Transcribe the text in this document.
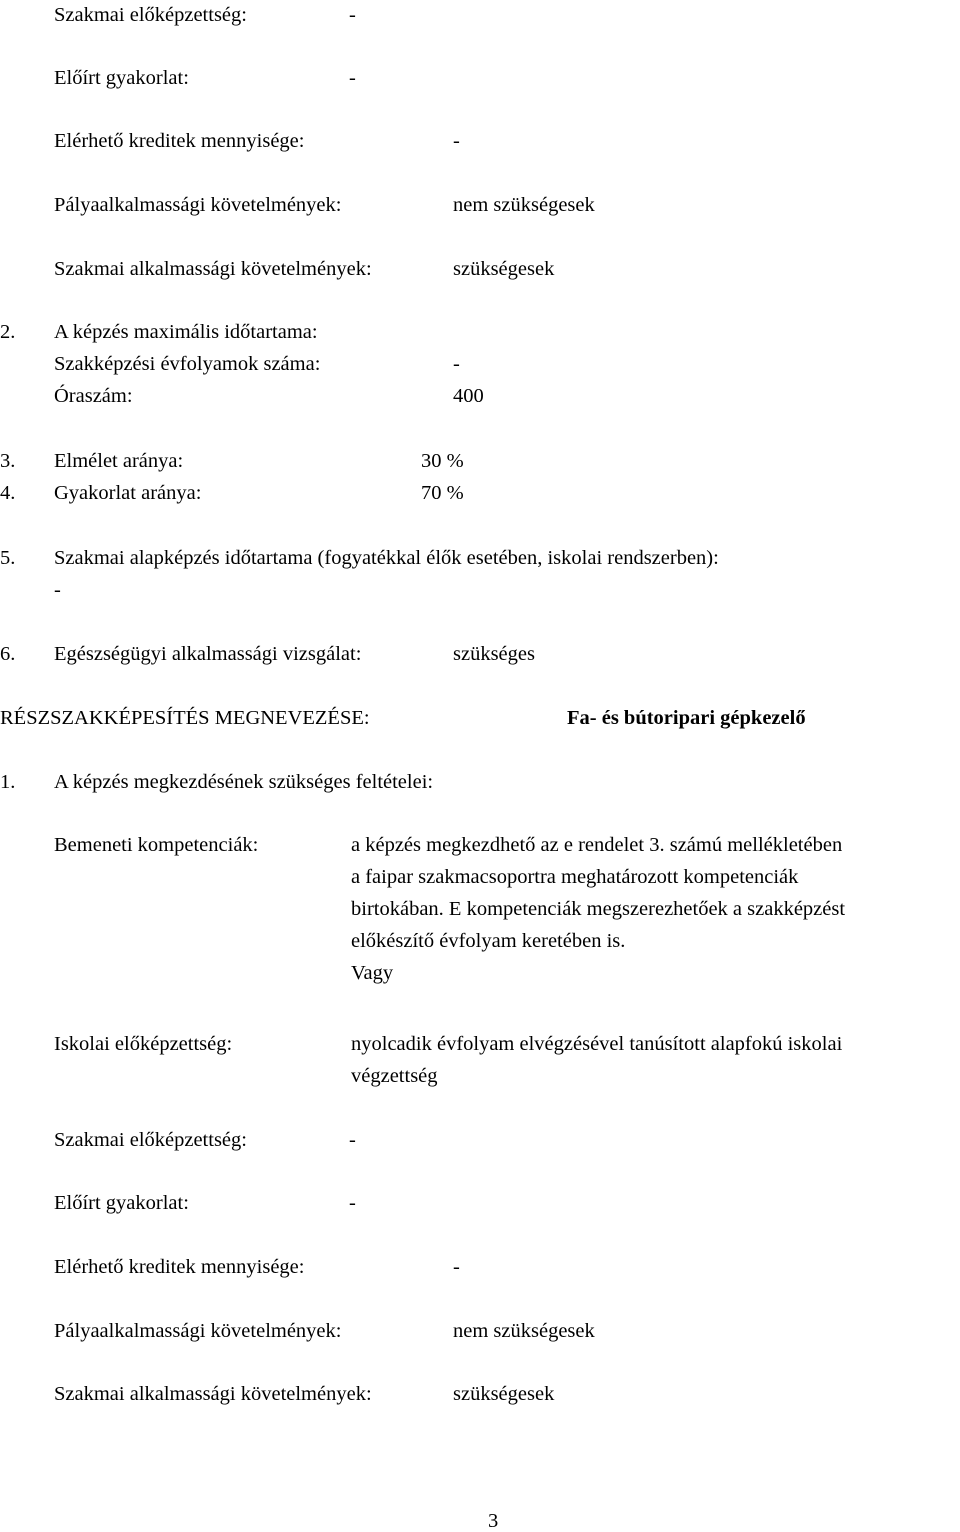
Szakmai előképzettség:	-
Előírt gyakorlat:	-
Elérhető kreditek mennyisége:	-
Pályaalkalmassági követelmények:	nem szükségesek
Szakmai alkalmassági követelmények:	szükségesek
2. A képzés maximális időtartama:
Szakképzési évfolyamok száma:	-
Óraszám:	400
3. Elmélet aránya:	30 %
4. Gyakorlat aránya:	70 %
5. Szakmai alapképzés időtartama (fogyatékkal élők esetében, iskolai rendszerben):
-
6. Egészségügyi alkalmassági vizsgálat:	szükséges
RÉSZSZAKKÉPESÍTÉS MEGNEVEZÉSE:	Fa- és bútoripari gépkezelő
1. A képzés megkezdésének szükséges feltételei:
Bemeneti kompetenciák:	a képzés megkezdhető az e rendelet 3. számú mellékletében
a faipar szakmacsoportra meghatározott kompetenciák
birtokában. E kompetenciák megszerezhetőek a szakképzést
előkészítő évfolyam keretében is.
Vagy
Iskolai előképzettség:	nyolcadik évfolyam elvégzésével tanúsított alapfokú iskolai
végzettség
Szakmai előképzettség:	-
Előírt gyakorlat:	-
Elérhető kreditek mennyisége:	-
Pályaalkalmassági követelmények:	nem szükségesek
Szakmai alkalmassági követelmények:	szükségesek
3
